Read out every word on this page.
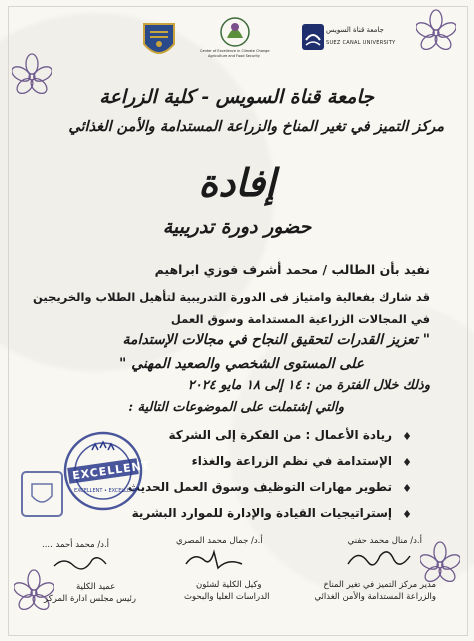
جامعة قناة السويس
SUEZ CANAL UNIVERSITY
Center of Excellence in Climate Change
Agriculture and Food Security
جامعة قناة السويس - كلية الزراعة
مركز التميز في تغير المناخ والزراعة المستدامة والأمن الغذائي
إفادة
حضور دورة تدريبية
نفيد بأن الطالب / محمد أشرف فوزي ابراهيم
قد شارك بفعالية وامتياز فى الدورة التدريبية لتأهيل الطلاب والخريجين
في المجالات الزراعية المستدامة وسوق العمل
" تعزيز القدرات لتحقيق النجاح في مجالات الإستدامة
على المستوى الشخصي والصعيد المهني "
وذلك خلال الفترة من : ١٤ إلى ١٨ مايو ٢٠٢٤
والتي إشتملت على الموضوعات التالية :
♦
ريادة الأعمال : من الفكرة إلى الشركة
♦
الإستدامة في نظم الزراعة والغذاء
♦
تطوير مهارات التوظيف وسوق العمل الحديث
♦
إستراتيجيات القيادة والإدارة للموارد البشرية
EXCELLENT
EXCELLENT • EXCELLENT •
أ.د/ منال محمد حفني
مدير مركز التميز في تغير المناخ
والزراعة المستدامة والأمن الغذائي
أ.د/ جمال محمد المصري
وكيل الكلية لشئون
الدراسات العليا والبحوث
أ.د/ محمد أحمد ....
عميد الكلية
رئيس مجلس ادارة المركز
